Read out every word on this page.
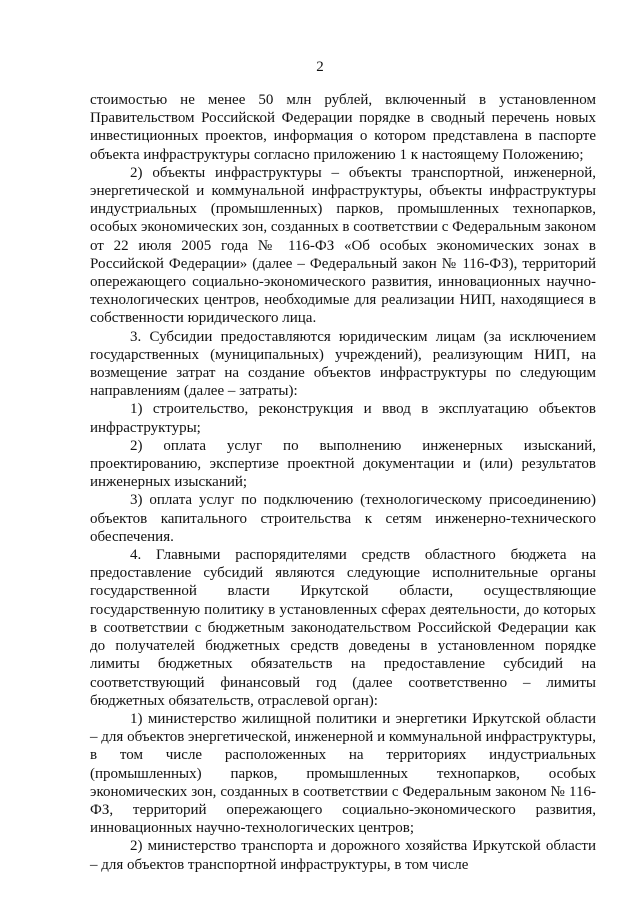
2

стоимостью не менее 50 млн рублей, включенный в установленном Правительством Российской Федерации порядке в сводный перечень новых инвестиционных проектов, информация о котором представлена в паспорте объекта инфраструктуры согласно приложению 1 к настоящему Положению;

2) объекты инфраструктуры – объекты транспортной, инженерной, энергетической и коммунальной инфраструктуры, объекты инфраструктуры индустриальных (промышленных) парков, промышленных технопарков, особых экономических зон, созданных в соответствии с Федеральным законом от 22 июля 2005 года № 116-ФЗ «Об особых экономических зонах в Российской Федерации» (далее – Федеральный закон № 116-ФЗ), территорий опережающего социально-экономического развития, инновационных научно-технологических центров, необходимые для реализации НИП, находящиеся в собственности юридического лица.

3. Субсидии предоставляются юридическим лицам (за исключением государственных (муниципальных) учреждений), реализующим НИП, на возмещение затрат на создание объектов инфраструктуры по следующим направлениям (далее – затраты):

1) строительство, реконструкция и ввод в эксплуатацию объектов инфраструктуры;

2) оплата услуг по выполнению инженерных изысканий, проектированию, экспертизе проектной документации и (или) результатов инженерных изысканий;

3) оплата услуг по подключению (технологическому присоединению) объектов капитального строительства к сетям инженерно-технического обеспечения.

4. Главными распорядителями средств областного бюджета на предоставление субсидий являются следующие исполнительные органы государственной власти Иркутской области, осуществляющие государственную политику в установленных сферах деятельности, до которых в соответствии с бюджетным законодательством Российской Федерации как до получателей бюджетных средств доведены в установленном порядке лимиты бюджетных обязательств на предоставление субсидий на соответствующий финансовый год (далее соответственно – лимиты бюджетных обязательств, отраслевой орган):

1) министерство жилищной политики и энергетики Иркутской области – для объектов энергетической, инженерной и коммунальной инфраструктуры, в том числе расположенных на территориях индустриальных (промышленных) парков, промышленных технопарков, особых экономических зон, созданных в соответствии с Федеральным законом № 116-ФЗ, территорий опережающего социально-экономического развития, инновационных научно-технологических центров;

2) министерство транспорта и дорожного хозяйства Иркутской области – для объектов транспортной инфраструктуры, в том числе
